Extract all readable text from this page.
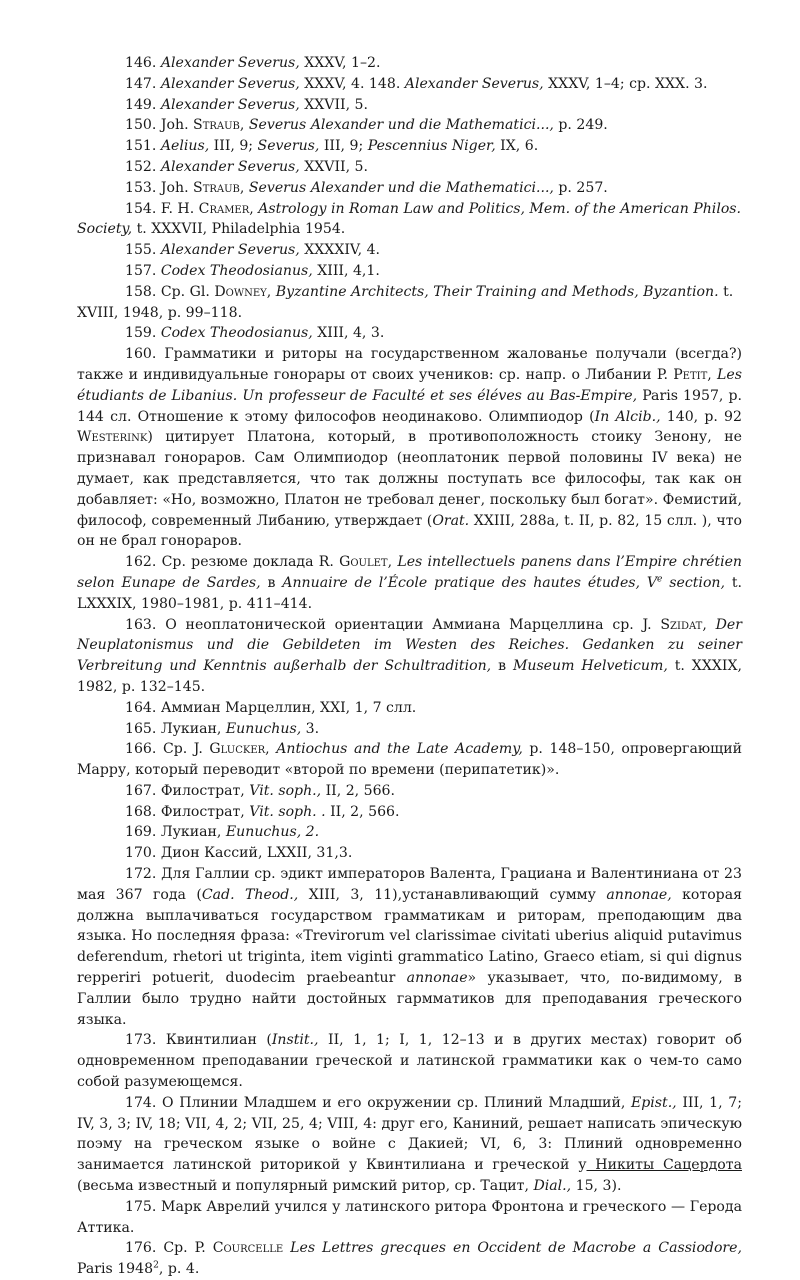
146. Alexander Severus, XXXV, 1–2.

147. Alexander Severus, XXXV, 4. 148. Alexander Severus, XXXV, 1–4; ср. XXX. 3.

149. Alexander Severus, XXVII, 5.

150. Joh. Straub, Severus Alexander und die Mathematici..., p. 249.

151. Aelius, III, 9; Severus, III, 9; Pescennius Niger, IX, 6.

152. Alexander Severus, XXVII, 5.

153. Joh. Straub, Severus Alexander und die Mathematici..., p. 257.

154. F. H. Cramer, Astrology in Roman Law and Politics, Mem. of the American Philos. Society, t. XXXVII, Philadelphia 1954.

155. Alexander Severus, XXXXIV, 4.

157. Codex Theodosianus, XIII, 4,1.

158. Ср. Gl. Downey, Byzantine Architects, Their Training and Methods, Byzantion. t. XVIII, 1948, p. 99–118.

159. Codex Theodosianus, XIII, 4, 3.

160. Грамматики и риторы на государственном жалованье получали (всегда?) также и индивидуальные гонорары от своих учеников: ср. напр. о Либании P. Petit, Les étudiants de Libanius. Un professeur de Faculté et ses éléves au Bas-Empire, Paris 1957, p. 144 сл. Отношение к этому философов неодинаково. Олимпиодор (In Alcib., 140, p. 92 Westerink) цитирует Платона, который, в противоположность стоику Зенону, не признавал гонораров. Сам Олимпиодор (неоплатоник первой половины IV века) не думает, как представляется, что так должны поступать все философы, так как он добавляет: «Но, возможно, Платон не требовал денег, поскольку был богат». Фемистий, философ, современный Либанию, утверждает (Orat. XXIII, 288a, t. II, p. 82, 15 слл. ), что он не брал гонораров.

162. Ср. резюме доклада R. Goulet, Les intellectuels panens dans l’Empire chrétien selon Eunape de Sardes, в Annuaire de l’École pratique des hautes études, Ve section, t. LXXXIX, 1980–1981, p. 411–414.

163. О неоплатонической ориентации Аммиана Марцеллина ср. J. Szidat, Der Neuplatonismus und die Gebildeten im Westen des Reiches. Gedanken zu seiner Verbreitung und Kenntnis außerhalb der Schultradition, в Museum Helveticum, t. XXXIX, 1982, p. 132–145.

164. Аммиан Марцеллин, XXI, 1, 7 слл.

165. Лукиан, Eunuchus, 3.

166. Ср. J. Glucker, Antiochus and the Late Academy, p. 148–150, опровергающий Марру, который переводит «второй по времени (перипатетик)».

167. Филострат, Vit. soph., II, 2, 566.

168. Филострат, Vit. soph. . II, 2, 566.

169. Лукиан, Eunuchus, 2.

170. Дион Кассий, LXXII, 31,3.

172. Для Галлии ср. эдикт императоров Валента, Грациана и Валентиниана от 23 мая 367 года (Cad. Theod., XIII, 3, 11),устанавливающий сумму annonae, которая должна выплачиваться государством грамматикам и риторам, преподающим два языка. Но последняя фраза: «Trevirorum vel clarissimae civitati uberius aliquid putavimus deferendum, rhetori ut triginta, item viginti grammatico Latino, Graeco etiam, si qui dignus repperiri potuerit, duodecim praebeantur annonae» указывает, что, по-видимому, в Галлии было трудно найти достойных гармматиков для преподавания греческого языка.

173. Квинтилиан (Instit., II, 1, 1; I, 1, 12–13 и в других местах) говорит об одновременном преподавании греческой и латинской грамматики как о чем-то само собой разумеющемся.

174. О Плинии Младшем и его окружении ср. Плиний Младший, Epist., III, 1, 7; IV, 3, 3; IV, 18; VII, 4, 2; VII, 25, 4; VIII, 4: друг его, Каниний, решает написать эпическую поэму на греческом языке о войне с Дакией; VI, 6, 3: Плиний одновременно занимается латинской риторикой у Квинтилиана и греческой у Никиты Сацердота (весьма известный и популярный римский ритор, ср. Тацит, Dial., 15, 3).

175. Марк Аврелий учился у латинского ритора Фронтона и греческого — Герода Аттика.

176. Ср. P. Courcelle Les Lettres grecques en Occident de Macrobe a Cassiodore, Paris 1948$^2$, p. 4.
